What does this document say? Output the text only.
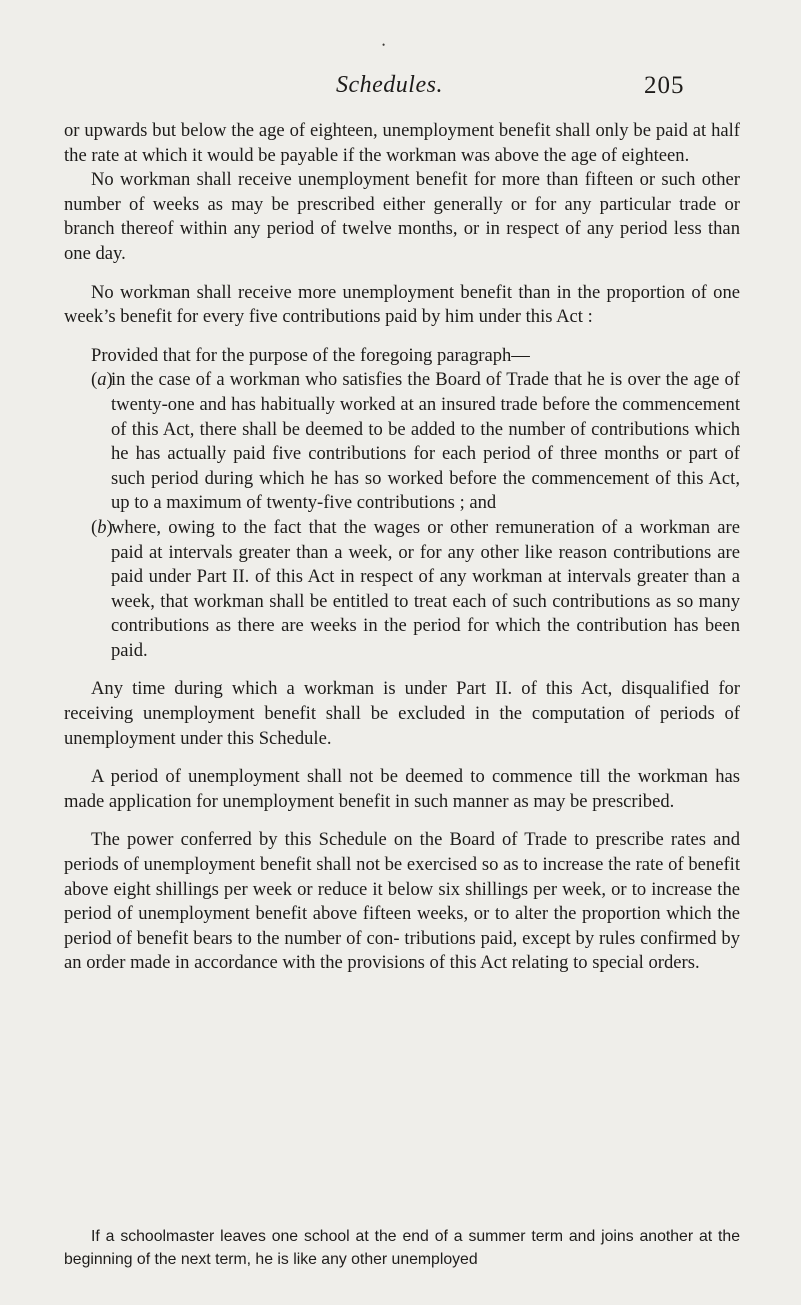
•
Schedules.	205

or upwards but below the age of eighteen, unemployment benefit shall only be paid at half the rate at which it would be payable if the workman was above the age of eighteen.

No workman shall receive unemployment benefit for more than fifteen or such other number of weeks as may be prescribed either generally or for any particular trade or branch thereof within any period of twelve months, or in respect of any period less than one day.

No workman shall receive more unemployment benefit than in the proportion of one week’s benefit for every five contributions paid by him under this Act :

Provided that for the purpose of the foregoing paragraph—

(a)
in the case of a workman who satisfies the Board of Trade that he is over the age of twenty-one and has habitually worked at an insured trade before the commencement of this Act, there shall be deemed to be added to the number of contributions which he has actually paid five contributions for each period of three months or part of such period during which he has so worked before the commencement of this Act, up to a maximum of twenty-five contributions ; and
(b)
where, owing to the fact that the wages or other remuneration of a workman are paid at intervals greater than a week, or for any other like reason contributions are paid under Part II. of this Act in respect of any workman at intervals greater than a week, that workman shall be entitled to treat each of such contributions as so many contributions as there are weeks in the period for which the contribution has been paid.

Any time during which a workman is under Part II. of this Act, disqualified for receiving unemployment benefit shall be excluded in the computation of periods of unemployment under this Schedule.

A period of unemployment shall not be deemed to commence till the workman has made application for unemployment benefit in such manner as may be prescribed.

The power conferred by this Schedule on the Board of Trade to prescribe rates and periods of unemployment benefit shall not be exercised so as to increase the rate of benefit above eight shillings per week or reduce it below six shillings per week, or to increase the period of unemployment benefit above fifteen weeks, or to alter the proportion which the period of benefit bears to the number of con- tributions paid, except by rules confirmed by an order made in accordance with the provisions of this Act relating to special orders.

If a schoolmaster leaves one school at the end of a summer term and joins another at the beginning of the next term, he is like any other unemployed
